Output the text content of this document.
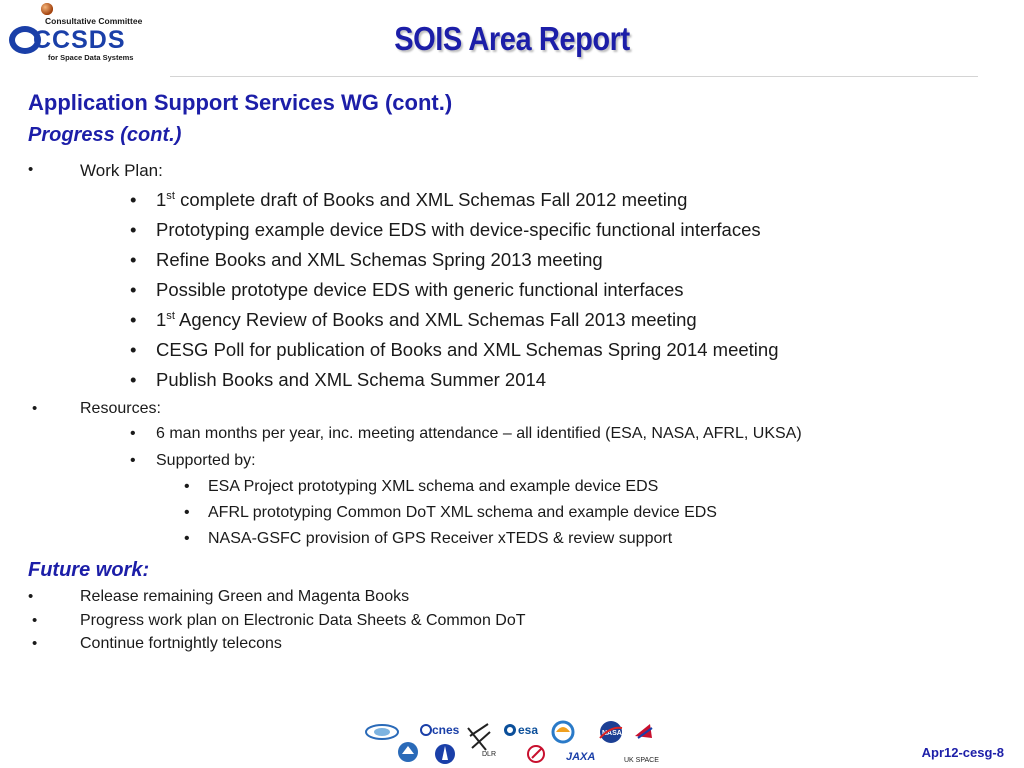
Consultative Committee
CCSDS
for Space Data Systems
SOIS Area Report
Application Support Services WG (cont.)
Progress (cont.)
•	Work Plan:
• 1st complete draft of Books and XML Schemas Fall 2012 meeting
• Prototyping example device EDS with device-specific functional interfaces
• Refine Books and XML Schemas Spring 2013 meeting
• Possible prototype device EDS with generic functional interfaces
• 1st Agency Review of Books and XML Schemas Fall 2013 meeting
• CESG Poll for publication of Books and XML Schemas Spring 2014 meeting
• Publish Books and XML Schema Summer 2014
•	Resources:
• 6 man months per year, inc. meeting attendance – all identified (ESA, NASA, AFRL, UKSA)
• Supported by:
• ESA Project prototyping XML schema and example device EDS
• AFRL prototyping Common DoT XML schema and example device EDS
• NASA-GSFC provision of GPS Receiver xTEDS & review support
Future work:
•	Release remaining Green and Magenta Books
•	Progress work plan on Electronic Data Sheets & Common DoT
•	Continue fortnightly telecons
cnes
DLR
esa	NASA
UK SPACE
JAXA	Apr12-cesg-8
